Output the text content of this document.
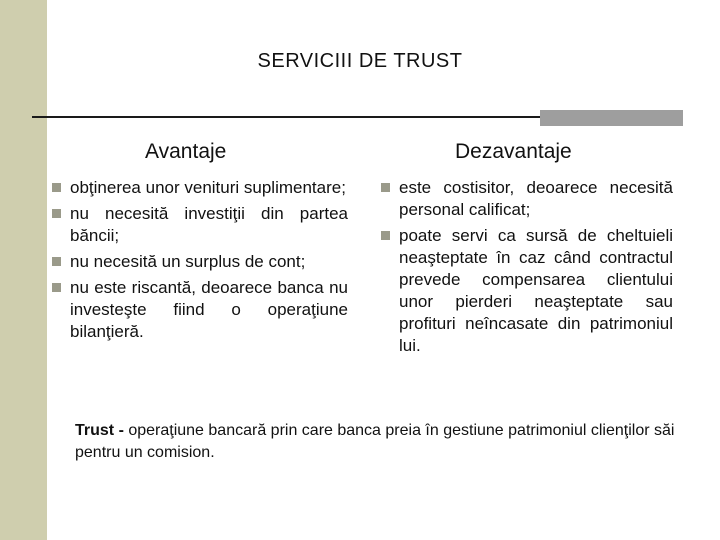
SERVICIII DE TRUST
Avantaje	Dezavantaje
obţinerea unor venituri suplimentare;
nu necesită investiţii din partea băncii;
nu necesită un surplus de cont;
nu este riscantă, deoarece banca nu investeşte fiind o operaţiune bilanţieră.
este costisitor, deoarece necesită personal calificat;
poate servi ca sursă de cheltuieli neaşteptate în caz când contractul prevede compensarea clientului unor pierderi neaşteptate sau profituri neîncasate din patrimoniul lui.
Trust - operaţiune bancară prin care banca preia în gestiune patrimoniul clienţilor săi pentru un comision.
